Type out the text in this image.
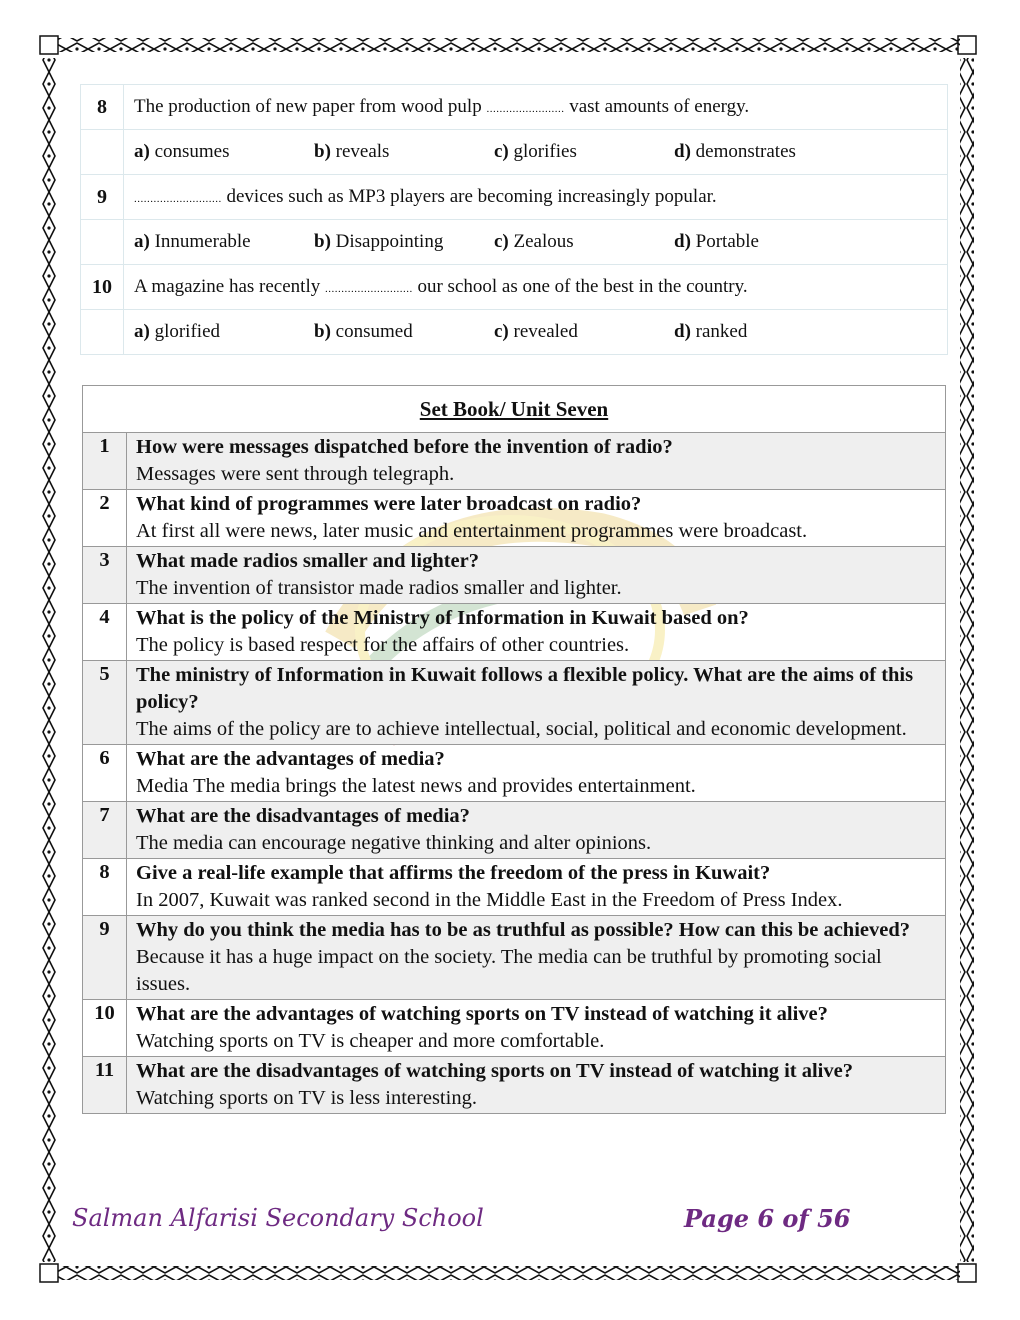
8	The production of new paper from wood pulp ........................ vast amounts of energy.
	a) consumes b) reveals c) glorifies d) demonstrates
9	........................... devices such as MP3 players are becoming increasingly popular.
	a) Innumerable b) Disappointing c) Zealous d) Portable
10	A magazine has recently ........................... our school as one of the best in the country.
	a) glorified b) consumed c) revealed d) ranked
Set Book/ Unit Seven	
1	How were messages dispatched before the invention of radio?
Messages were sent through telegraph.

2	What kind of programmes were later broadcast on radio?
At first all were news, later music and entertainment programmes were broadcast.

3	What made radios smaller and lighter?
The invention of transistor made radios smaller and lighter.

4	What is the policy of the Ministry of Information in Kuwait based on?
The policy is based respect for the affairs of other countries.

5	The ministry of Information in Kuwait follows a flexible policy. What are the aims of this policy?
The aims of the policy are to achieve intellectual, social, political and economic development.

6	What are the advantages of media?
Media The media brings the latest news and provides entertainment.

7	What are the disadvantages of media?
The media can encourage negative thinking and alter opinions.

8	Give a real-life example that affirms the freedom of the press in Kuwait?
In 2007, Kuwait was ranked second in the Middle East in the Freedom of Press Index.

9	Why do you think the media has to be as truthful as possible? How can this be achieved?
Because it has a huge impact on the society. The media can be truthful by promoting social issues.

10	What are the advantages of watching sports on TV instead of watching it alive?
Watching sports on TV is cheaper and more comfortable.

11	What are the disadvantages of watching sports on TV instead of watching it alive?
Watching sports on TV is less interesting.
Salman Alfarisi Secondary School	Page 6 of 56
